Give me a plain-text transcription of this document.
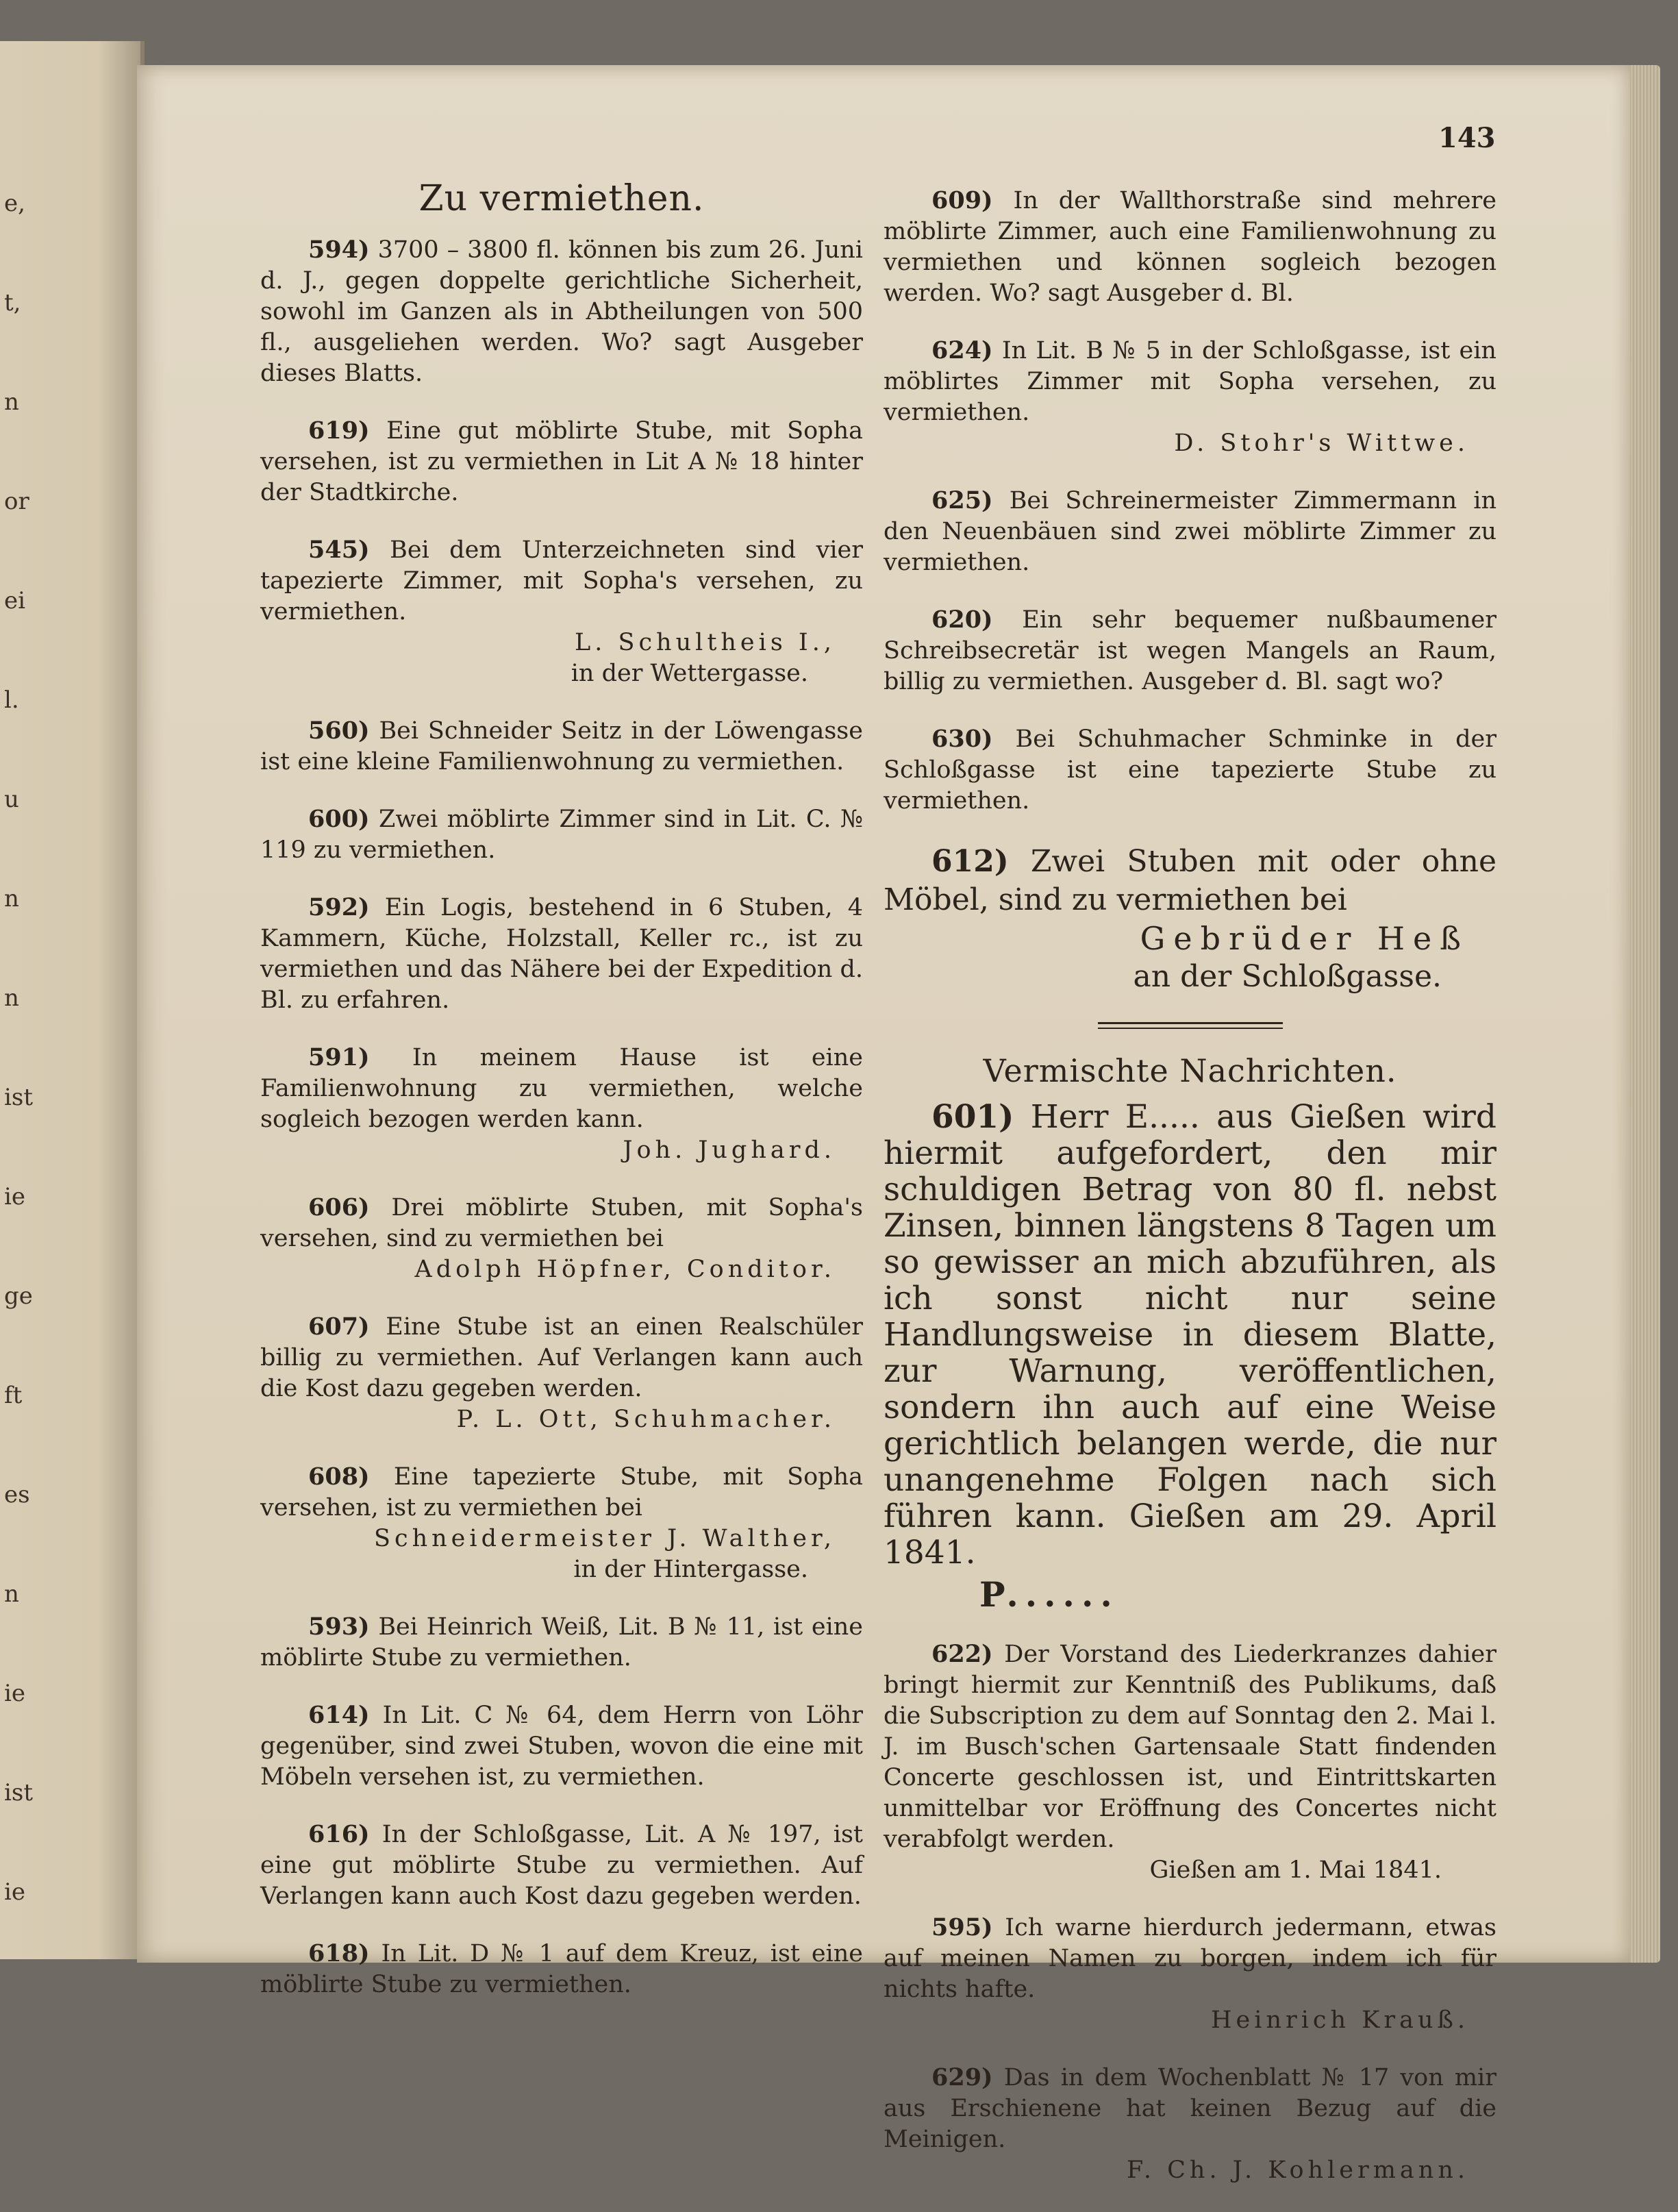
e,
t,
n
or
ei
l.
u
n
n
ist
ie
ge
ft
es
n
ie
ist
ie
143
Zu vermiethen.
594) 3700 – 3800 fl. können bis zum 26. Juni d. J., gegen doppelte gerichtliche Sicherheit, sowohl im Ganzen als in Abtheilungen von 500 fl., ausgeliehen werden. Wo? sagt Ausgeber dieses Blatts.
619) Eine gut möblirte Stube, mit Sopha versehen, ist zu vermiethen in Lit A № 18 hinter der Stadtkirche.
545) Bei dem Unterzeichneten sind vier tapezierte Zimmer, mit Sopha's versehen, zu vermiethen.
L. Schultheis I.,
in der Wettergasse.
560) Bei Schneider Seitz in der Löwengasse ist eine kleine Familienwohnung zu vermiethen.
600) Zwei möblirte Zimmer sind in Lit. C. № 119 zu vermiethen.
592) Ein Logis, bestehend in 6 Stuben, 4 Kammern, Küche, Holzstall, Keller rc., ist zu vermiethen und das Nähere bei der Expedition d. Bl. zu erfahren.
591) In meinem Hause ist eine Familienwohnung zu vermiethen, welche sogleich bezogen werden kann.
Joh. Jughard.
606) Drei möblirte Stuben, mit Sopha's versehen, sind zu vermiethen bei
Adolph Höpfner, Conditor.
607) Eine Stube ist an einen Realschüler billig zu vermiethen. Auf Verlangen kann auch die Kost dazu gegeben werden.
P. L. Ott, Schuhmacher.
608) Eine tapezierte Stube, mit Sopha versehen, ist zu vermiethen bei
Schneidermeister J. Walther,
in der Hintergasse.
593) Bei Heinrich Weiß, Lit. B № 11, ist eine möblirte Stube zu vermiethen.
614) In Lit. C № 64, dem Herrn von Löhr gegenüber, sind zwei Stuben, wovon die eine mit Möbeln versehen ist, zu vermiethen.
616) In der Schloßgasse, Lit. A № 197, ist eine gut möblirte Stube zu vermiethen. Auf Verlangen kann auch Kost dazu gegeben werden.
618) In Lit. D № 1 auf dem Kreuz, ist eine möblirte Stube zu vermiethen.
609) In der Wallthorstraße sind mehrere möblirte Zimmer, auch eine Familienwohnung zu vermiethen und können sogleich bezogen werden. Wo? sagt Ausgeber d. Bl.
624) In Lit. B № 5 in der Schloßgasse, ist ein möblirtes Zimmer mit Sopha versehen, zu vermiethen.
D. Stohr's Wittwe.
625) Bei Schreinermeister Zimmermann in den Neuenbäuen sind zwei möblirte Zimmer zu vermiethen.
620) Ein sehr bequemer nußbaumener Schreibsecretär ist wegen Mangels an Raum, billig zu vermiethen. Ausgeber d. Bl. sagt wo?
630) Bei Schuhmacher Schminke in der Schloßgasse ist eine tapezierte Stube zu vermiethen.
612) Zwei Stuben mit oder ohne Möbel, sind zu vermiethen bei
Gebrüder Heß
an der Schloßgasse.
Vermischte Nachrichten.
601) Herr E..... aus Gießen wird hiermit aufgefordert, den mir schuldigen Betrag von 80 fl. nebst Zinsen, binnen längstens 8 Tagen um so gewisser an mich abzuführen, als ich sonst nicht nur seine Handlungsweise in diesem Blatte, zur Warnung, veröffentlichen, sondern ihn auch auf eine Weise gerichtlich belangen werde, die nur unangenehme Folgen nach sich führen kann. Gießen am 29. April 1841.
P......
622) Der Vorstand des Liederkranzes dahier bringt hiermit zur Kenntniß des Publikums, daß die Subscription zu dem auf Sonntag den 2. Mai l. J. im Busch'schen Gartensaale Statt findenden Concerte geschlossen ist, und Eintrittskarten unmittelbar vor Eröffnung des Concertes nicht verabfolgt werden.
Gießen am 1. Mai 1841.
595) Ich warne hierdurch jedermann, etwas auf meinen Namen zu borgen, indem ich für nichts hafte.
Heinrich Krauß.
629) Das in dem Wochenblatt № 17 von mir aus Erschienene hat keinen Bezug auf die Meinigen.
F. Ch. J. Kohlermann.
